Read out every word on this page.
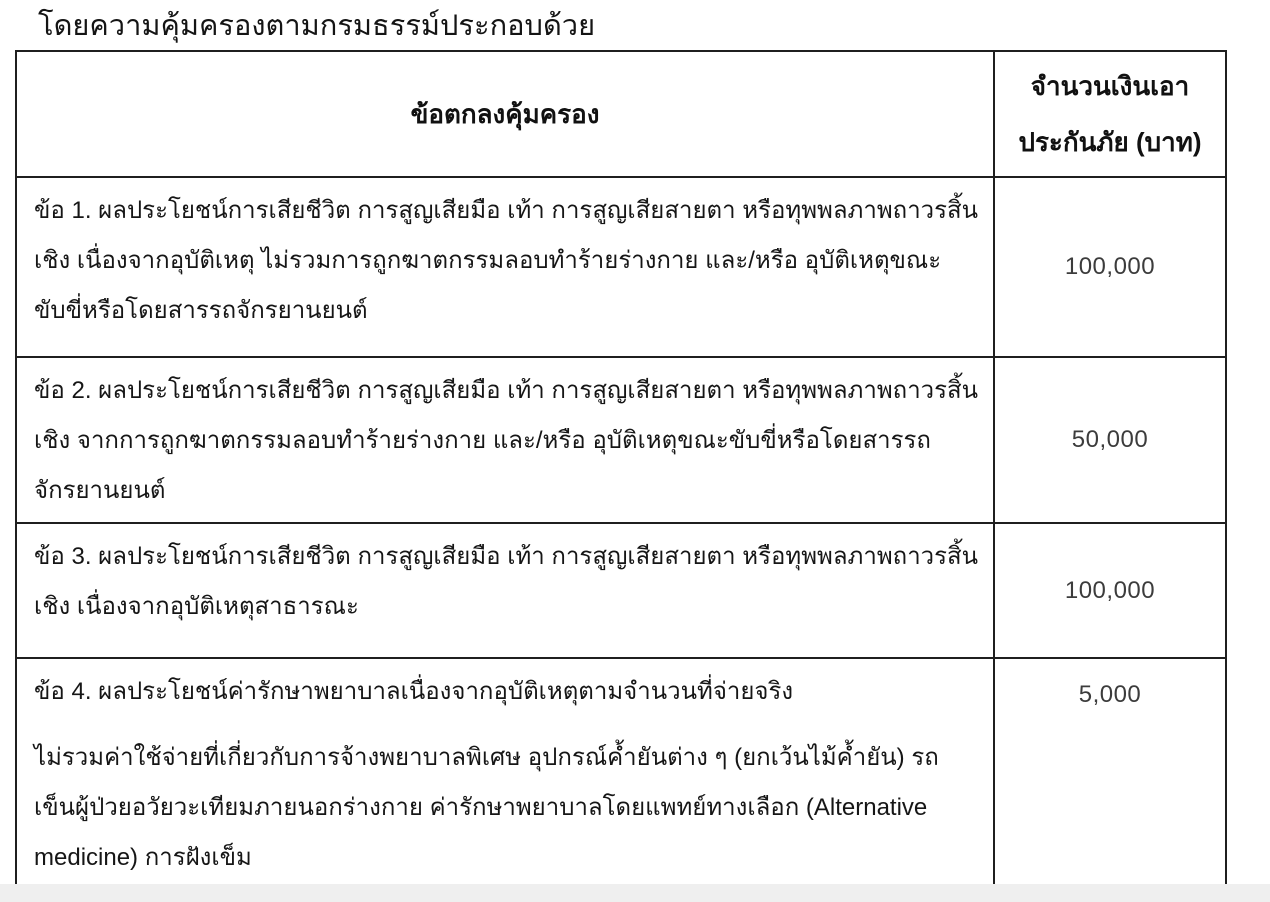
โดยความคุ้มครองตามกรมธรรม์ประกอบด้วย
ข้อตกลงคุ้มครอง	จำนวนเงินเอา
ประกันภัย (บาท)

ข้อ 1. ผลประโยชน์การเสียชีวิต การสูญเสียมือ เท้า การสูญเสียสายตา หรือทุพพลภาพถาวรสิ้นเชิง เนื่องจากอุบัติเหตุ ไม่รวมการถูกฆาตกรรมลอบทำร้ายร่างกาย และ/หรือ อุบัติเหตุขณะขับขี่หรือโดยสารรถจักรยานยนต์	100,000
ข้อ 2. ผลประโยชน์การเสียชีวิต การสูญเสียมือ เท้า การสูญเสียสายตา หรือทุพพลภาพถาวรสิ้นเชิง จากการถูกฆาตกรรมลอบทำร้ายร่างกาย และ/หรือ อุบัติเหตุขณะขับขี่หรือโดยสารรถจักรยานยนต์	50,000
ข้อ 3. ผลประโยชน์การเสียชีวิต การสูญเสียมือ เท้า การสูญเสียสายตา หรือทุพพลภาพถาวรสิ้นเชิง เนื่องจากอุบัติเหตุสาธารณะ	100,000

ข้อ 4. ผลประโยชน์ค่ารักษาพยาบาลเนื่องจากอุบัติเหตุตามจำนวนที่จ่ายจริง

ไม่รวมค่าใช้จ่ายที่เกี่ยวกับการจ้างพยาบาลพิเศษ อุปกรณ์ค้ำยันต่าง ๆ (ยกเว้นไม้ค้ำยัน) รถเข็นผู้ป่วยอวัยวะเทียมภายนอกร่างกาย ค่ารักษาพยาบาลโดยแพทย์ทางเลือก (Alternative medicine) การฝังเข็ม	5,000
